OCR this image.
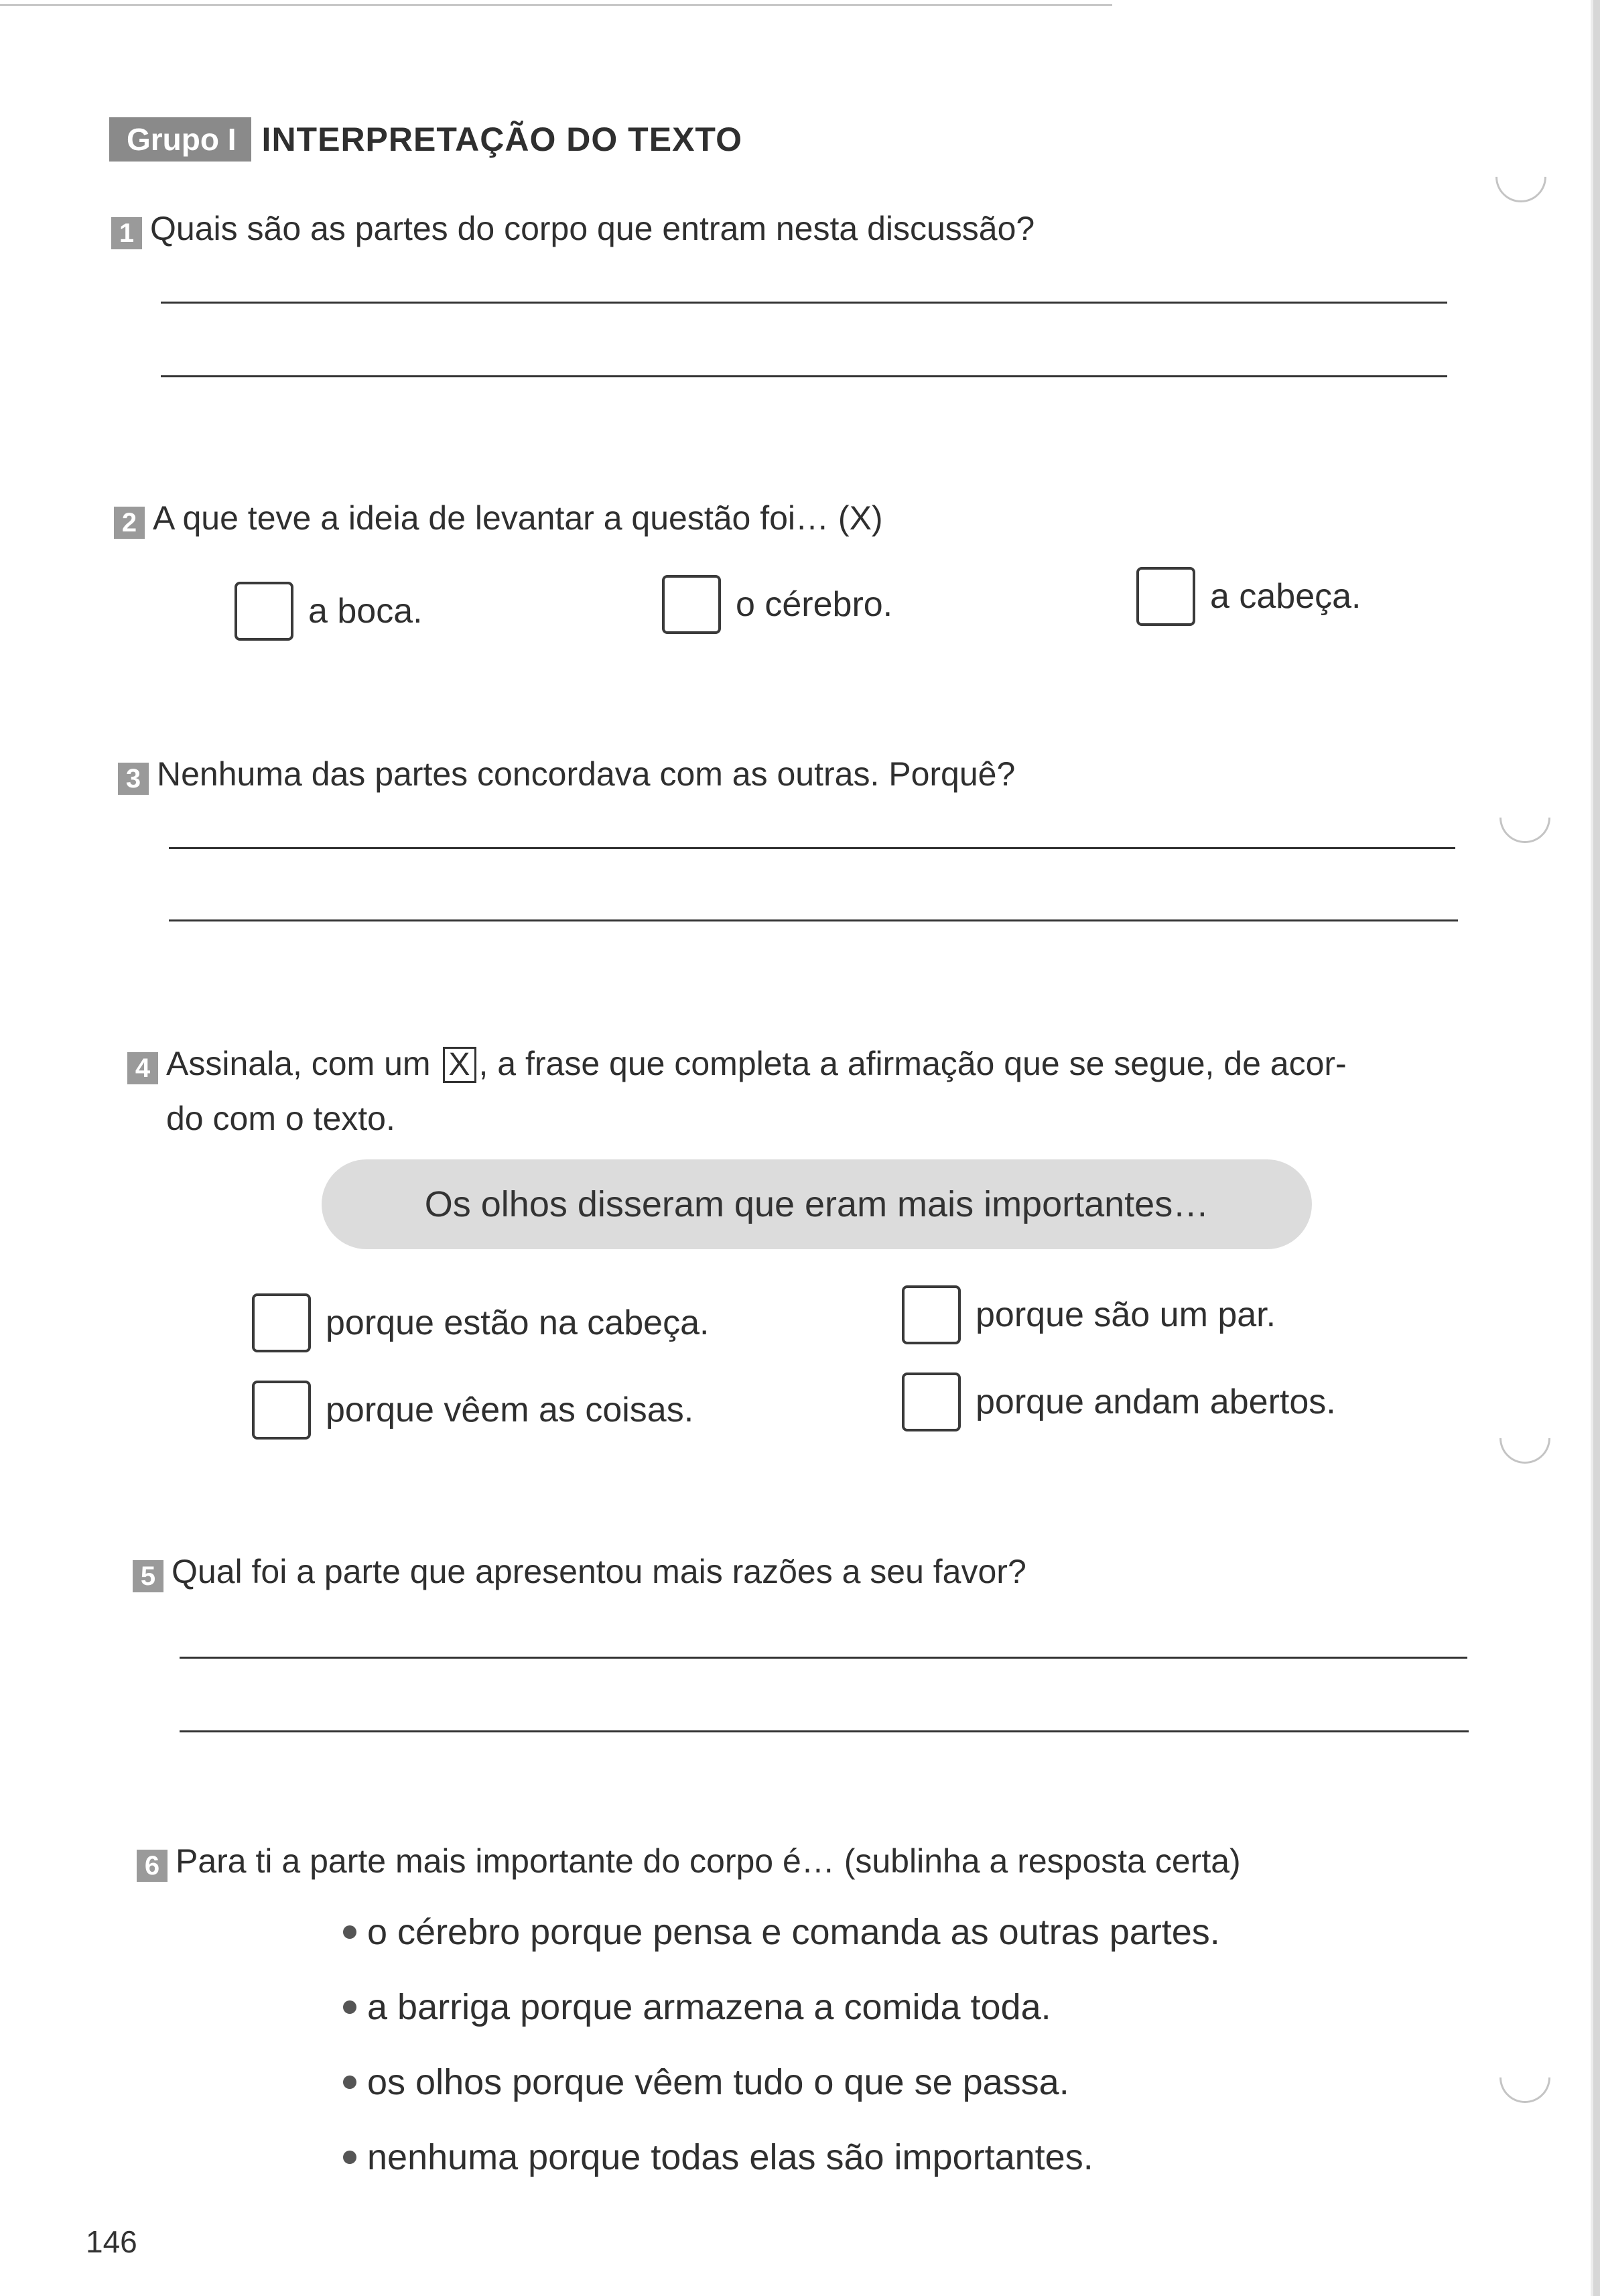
Grupo I INTERPRETAÇÃO DO TEXTO
1 Quais são as partes do corpo que entram nesta discussão?
2 A que teve a ideia de levantar a questão foi… (X)
a boca.	o cérebro.	a cabeça.
3 Nenhuma das partes concordava com as outras. Porquê?
4 Assinala, com um X , a frase que completa a afirmação que se segue, de acor-
do com o texto.
Os olhos disseram que eram mais importantes…
porque estão na cabeça.	porque são um par.
porque vêem as coisas.	porque andam abertos.
5 Qual foi a parte que apresentou mais razões a seu favor?
6 Para ti a parte mais importante do corpo é… (sublinha a resposta certa)
o cérebro porque pensa e comanda as outras partes.
a barriga porque armazena a comida toda.
os olhos porque vêem tudo o que se passa.
nenhuma porque todas elas são importantes.
146
